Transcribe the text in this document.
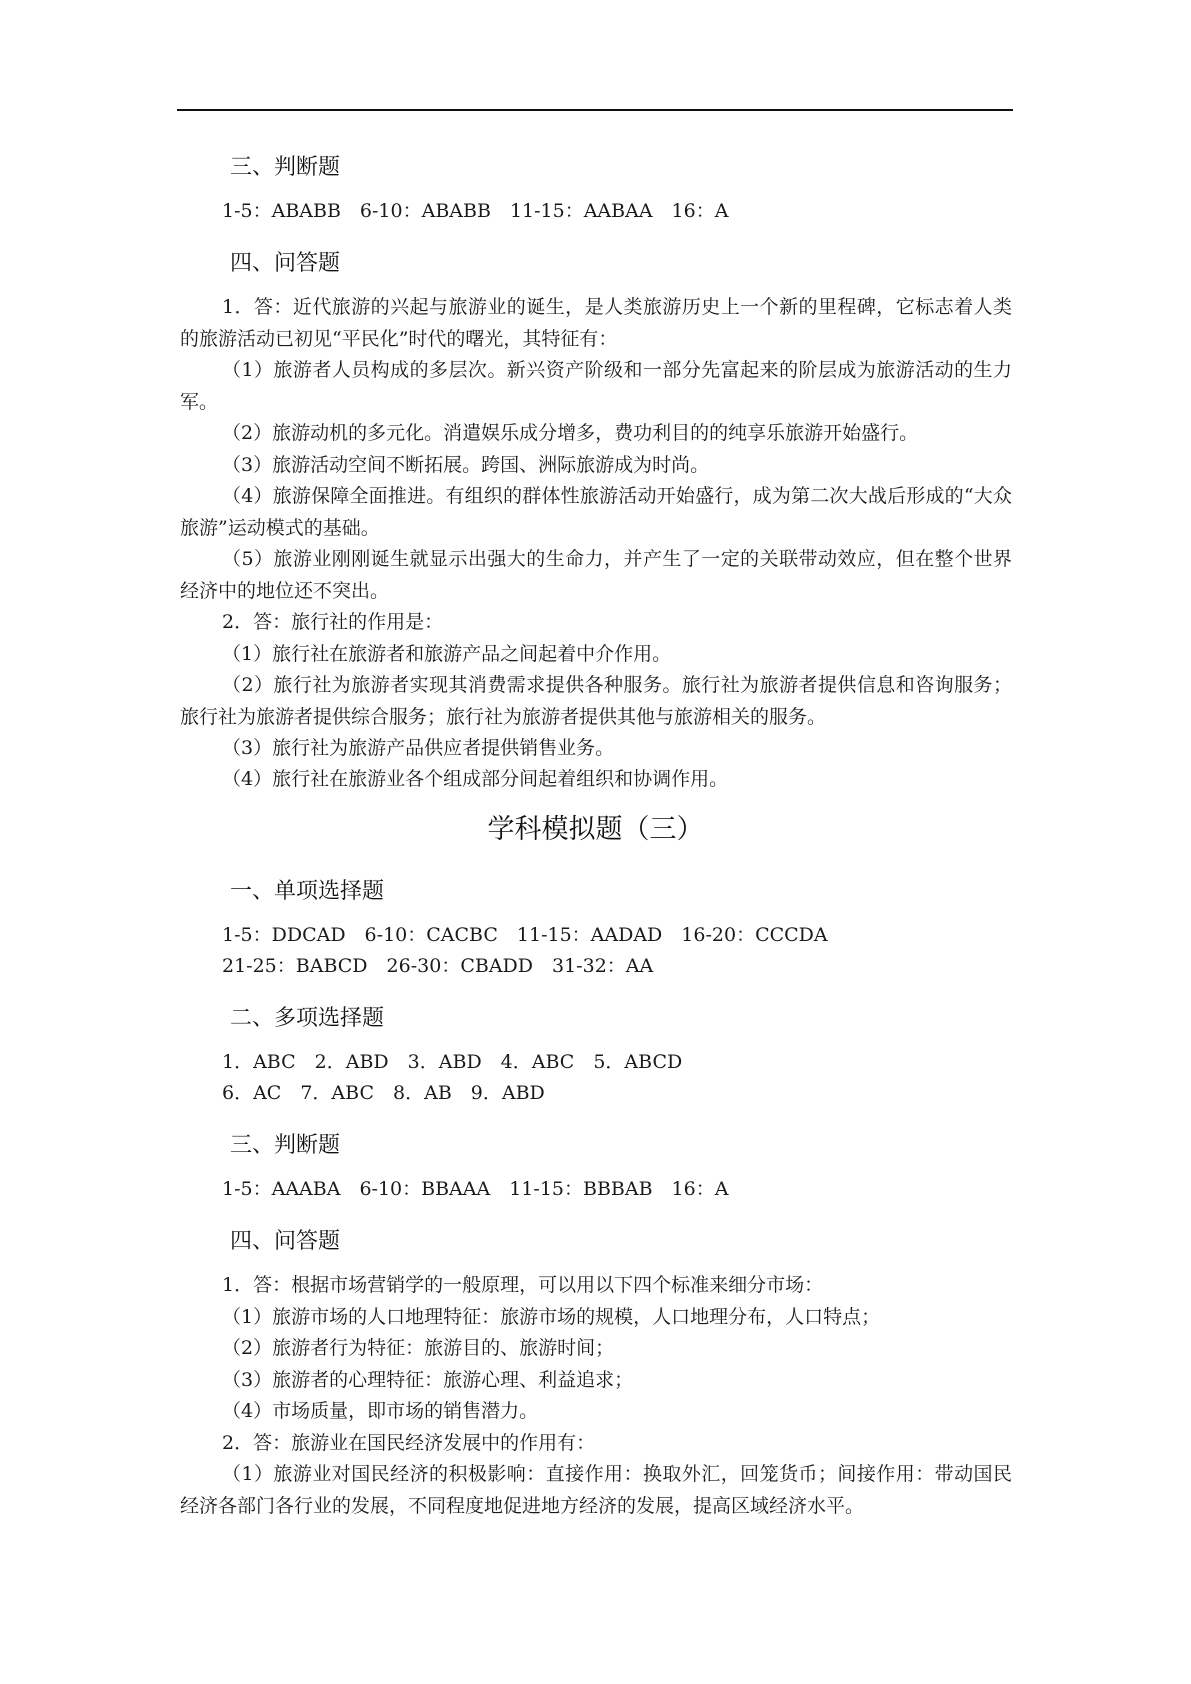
三、判断题
1-5：ABABB　6-10：ABABB　11-15：AABAA　16：A
四、问答题
1．答：近代旅游的兴起与旅游业的诞生，是人类旅游历史上一个新的里程碑，它标志着人类的旅游活动已初见“平民化”时代的曙光，其特征有：
（1）旅游者人员构成的多层次。新兴资产阶级和一部分先富起来的阶层成为旅游活动的生力军。
（2）旅游动机的多元化。消遣娱乐成分增多，费功利目的的纯享乐旅游开始盛行。
（3）旅游活动空间不断拓展。跨国、洲际旅游成为时尚。
（4）旅游保障全面推进。有组织的群体性旅游活动开始盛行，成为第二次大战后形成的“大众旅游”运动模式的基础。
（5）旅游业刚刚诞生就显示出强大的生命力，并产生了一定的关联带动效应，但在整个世界经济中的地位还不突出。
2．答：旅行社的作用是：
（1）旅行社在旅游者和旅游产品之间起着中介作用。
（2）旅行社为旅游者实现其消费需求提供各种服务。旅行社为旅游者提供信息和咨询服务；旅行社为旅游者提供综合服务；旅行社为旅游者提供其他与旅游相关的服务。
（3）旅行社为旅游产品供应者提供销售业务。
（4）旅行社在旅游业各个组成部分间起着组织和协调作用。
学科模拟题（三）
一、单项选择题
1-5：DDCAD　6-10：CACBC　11-15：AADAD　16-20：CCCDA
21-25：BABCD　26-30：CBADD　31-32：AA
二、多项选择题
1．ABC　2．ABD　3．ABD　4．ABC　5．ABCD
6．AC　7．ABC　8．AB　9．ABD
三、判断题
1-5：AAABA　6-10：BBAAA　11-15：BBBAB　16：A
四、问答题
1．答：根据市场营销学的一般原理，可以用以下四个标准来细分市场：
（1）旅游市场的人口地理特征：旅游市场的规模，人口地理分布，人口特点；
（2）旅游者行为特征：旅游目的、旅游时间；
（3）旅游者的心理特征：旅游心理、利益追求；
（4）市场质量，即市场的销售潜力。
2．答：旅游业在国民经济发展中的作用有：
（1）旅游业对国民经济的积极影响：直接作用：换取外汇，回笼货币；间接作用：带动国民经济各部门各行业的发展，不同程度地促进地方经济的发展，提高区域经济水平。
